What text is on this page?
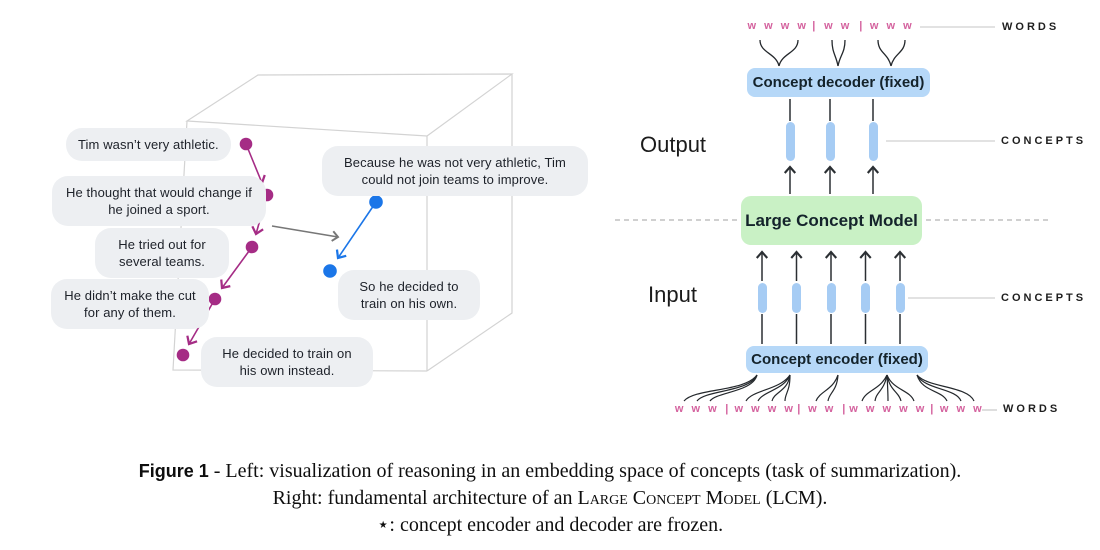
Tim wasn’t very athletic.
He thought that would change if he joined a sport.
He tried out for several teams.
He didn’t make the cut for any of them.
He decided to train on his own instead.
Because he was not very athletic, Tim could not join teams to improve.
So he decided to train on his own.
w w w w | w w | w w w	WORDS
Concept decoder (fixed)
Output	CONCEPTS
Large Concept Model
Input	CONCEPTS
Concept encoder (fixed)
w w w | w w w w | w w | w w w w w | w w w WORDS
Figure 1 - Left: visualization of reasoning in an embedding space of concepts (task of summarization).
Right: fundamental architecture of an Large Concept Model (LCM).
⋆: concept encoder and decoder are frozen.
